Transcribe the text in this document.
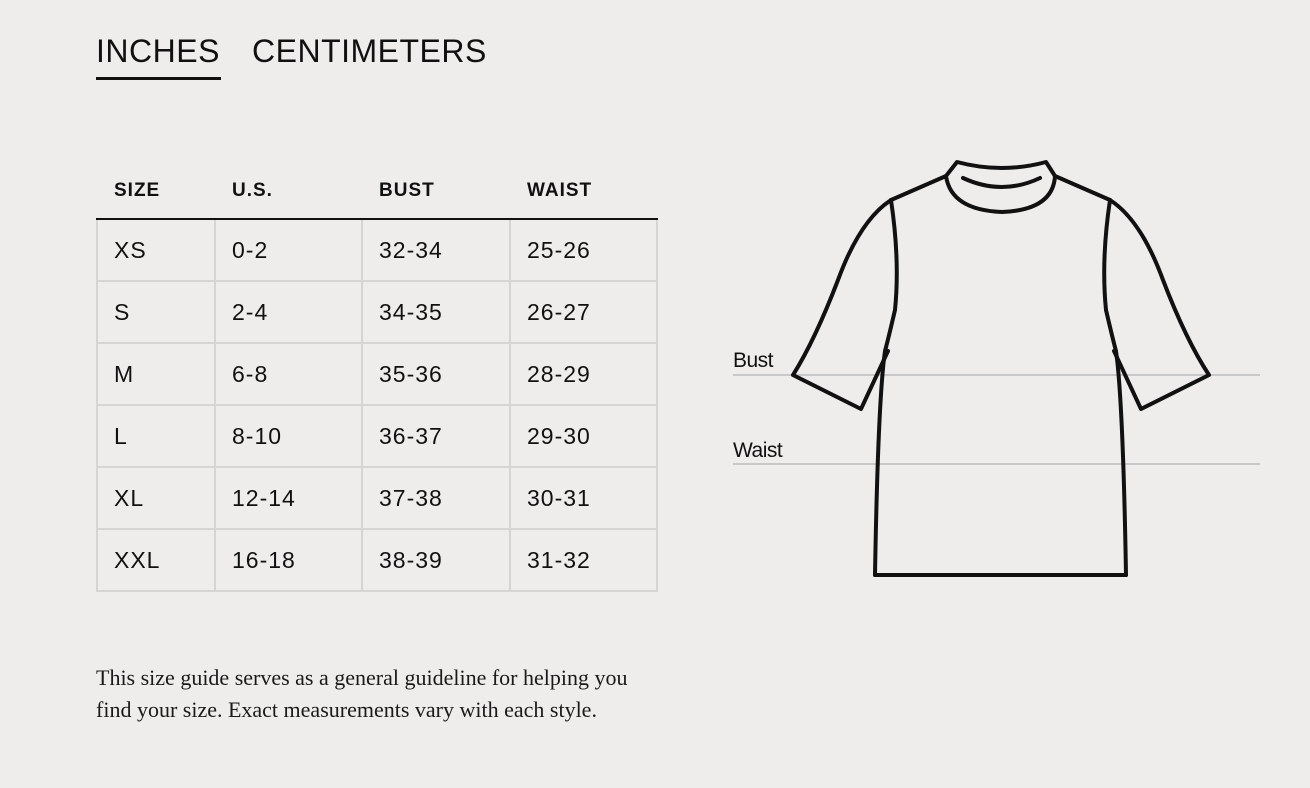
INCHES CENTIMETERS
SIZE	U.S.	BUST	WAIST
XS	0-2	32-34	25-26
S	2-4	34-35	26-27
M	6-8	35-36	28-29
L	8-10	36-37	29-30
XL	12-14	37-38	30-31
XXL	16-18	38-39	31-32

This size guide serves as a general guideline for helping you find your size. Exact measurements vary with each style.

Bust
Waist
